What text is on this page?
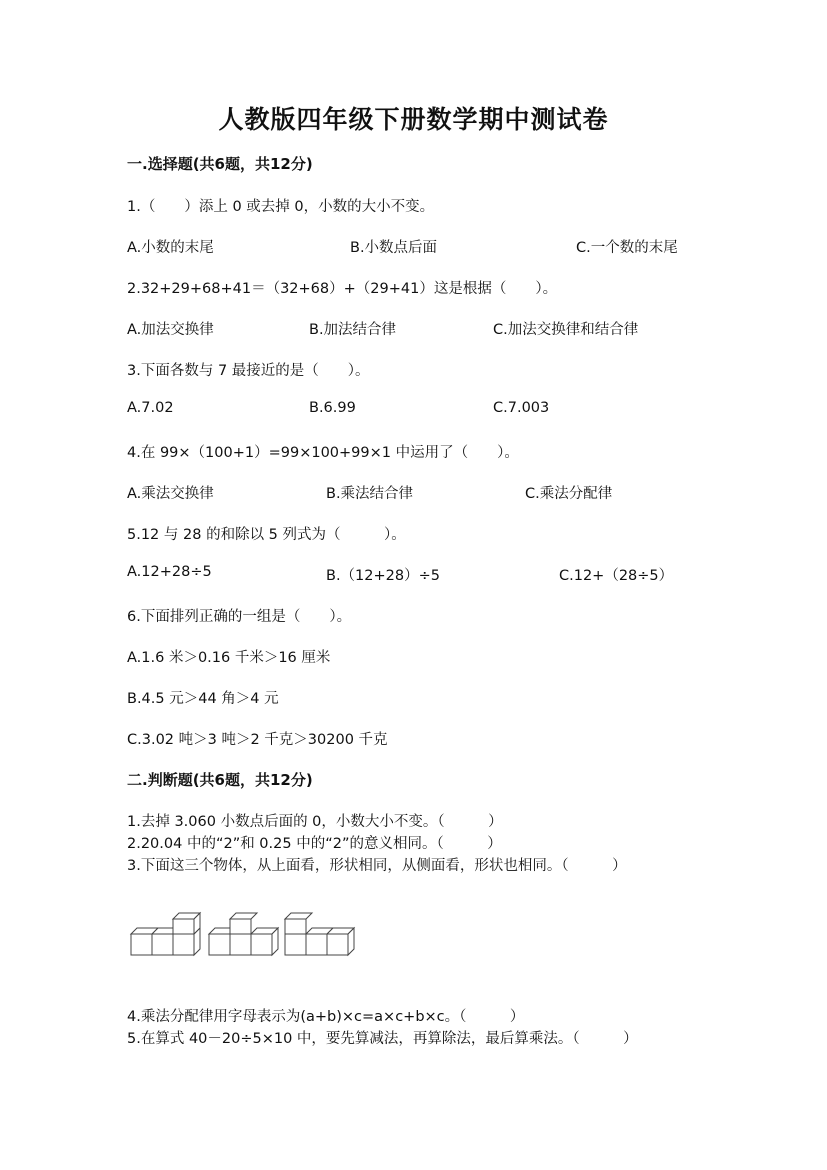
人教版四年级下册数学期中测试卷
一.选择题(共6题，共12分)
1.（　　）添上 0 或去掉 0，小数的大小不变。
A.小数的末尾	B.小数点后面	C.一个数的末尾
2.32+29+68+41＝（32+68）+（29+41）这是根据（　　）。
A.加法交换律	B.加法结合律	C.加法交换律和结合律
3.下面各数与 7 最接近的是（　　）。
A.7.02	B.6.99	C.7.003
4.在 99×（100+1）=99×100+99×1 中运用了（　　）。
A.乘法交换律	B.乘法结合律	C.乘法分配律
5.12 与 28 的和除以 5 列式为（　　　）。
A.12+28÷5	B.（12+28）÷5	C.12+（28÷5）
6.下面排列正确的一组是（　　）。
A.1.6 米＞0.16 千米＞16 厘米
B.4.5 元＞44 角＞4 元
C.3.02 吨＞3 吨＞2 千克＞30200 千克
二.判断题(共6题，共12分)
1.去掉 3.060 小数点后面的 0，小数大小不变。（　　　）
2.20.04 中的“2”和 0.25 中的“2”的意义相同。（　　　）
3.下面这三个物体，从上面看，形状相同，从侧面看，形状也相同。（　　　）
4.乘法分配律用字母表示为(a+b)×c=a×c+b×c。（　　　）
5.在算式 40－20÷5×10 中，要先算减法，再算除法，最后算乘法。（　　　）
